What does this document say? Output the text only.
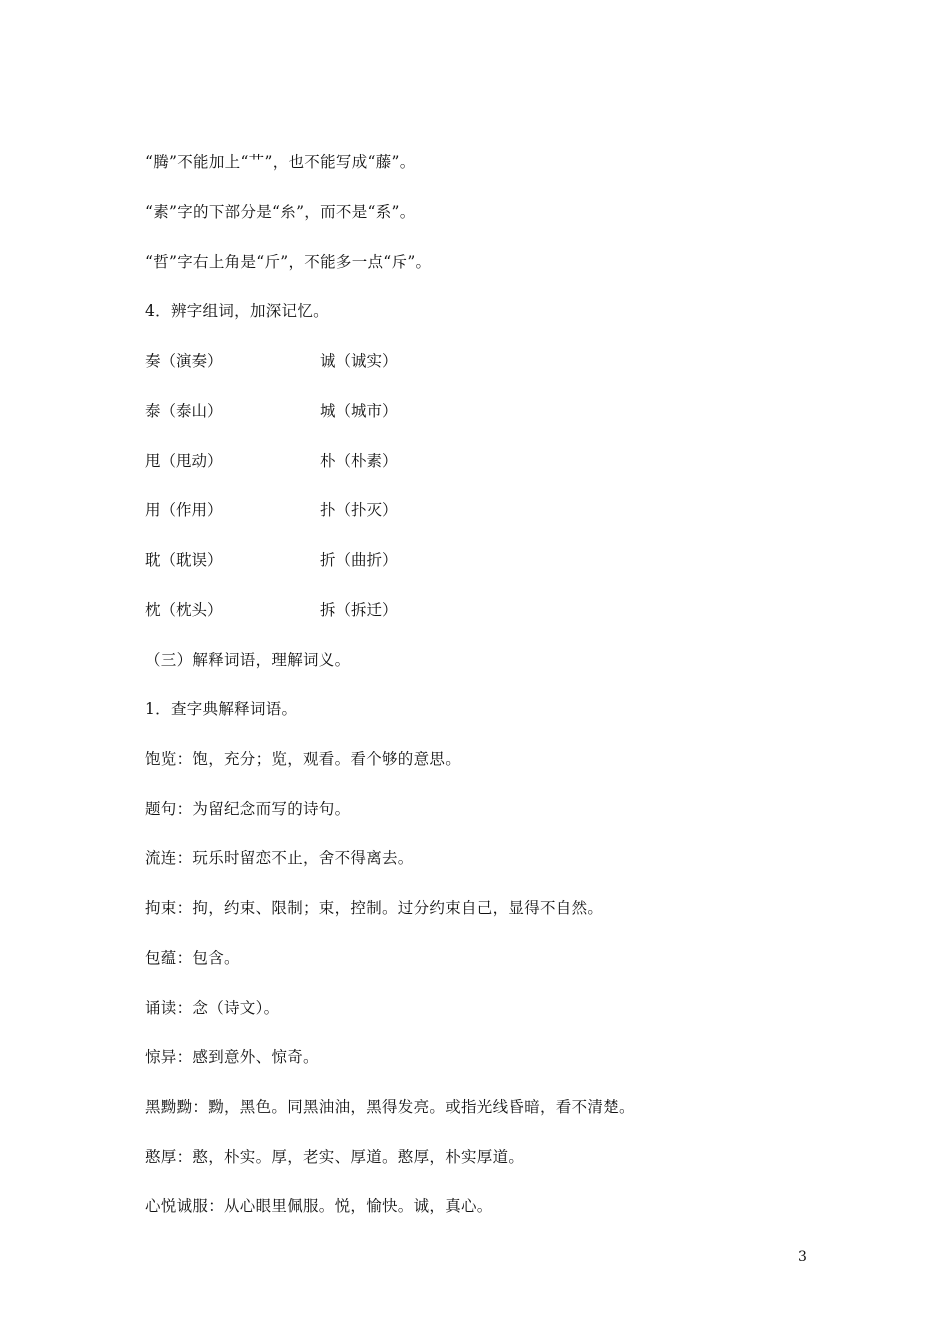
“腾”不能加上“艹”，也不能写成“藤”。
“素”字的下部分是“糸”，而不是“系”。
“哲”字右上角是“斤”，不能多一点“斥”。
4．辨字组词，加深记忆。
奏（演奏）	诚（诚实）
泰（泰山）	城（城市）
甩（甩动）	朴（朴素）
用（作用）	扑（扑灭）
耽（耽误）	折（曲折）
枕（枕头）	拆（拆迁）
（三）解释词语，理解词义。
1．查字典解释词语。
饱览：饱，充分；览，观看。看个够的意思。
题句：为留纪念而写的诗句。
流连：玩乐时留恋不止，舍不得离去。
拘束：拘，约束、限制；束，控制。过分约束自己，显得不自然。
包蕴：包含。
诵读：念（诗文）。
惊异：感到意外、惊奇。
黑黝黝：黝，黑色。同黑油油，黑得发亮。或指光线昏暗，看不清楚。
憨厚：憨，朴实。厚，老实、厚道。憨厚，朴实厚道。
心悦诚服：从心眼里佩服。悦，愉快。诚，真心。
3
